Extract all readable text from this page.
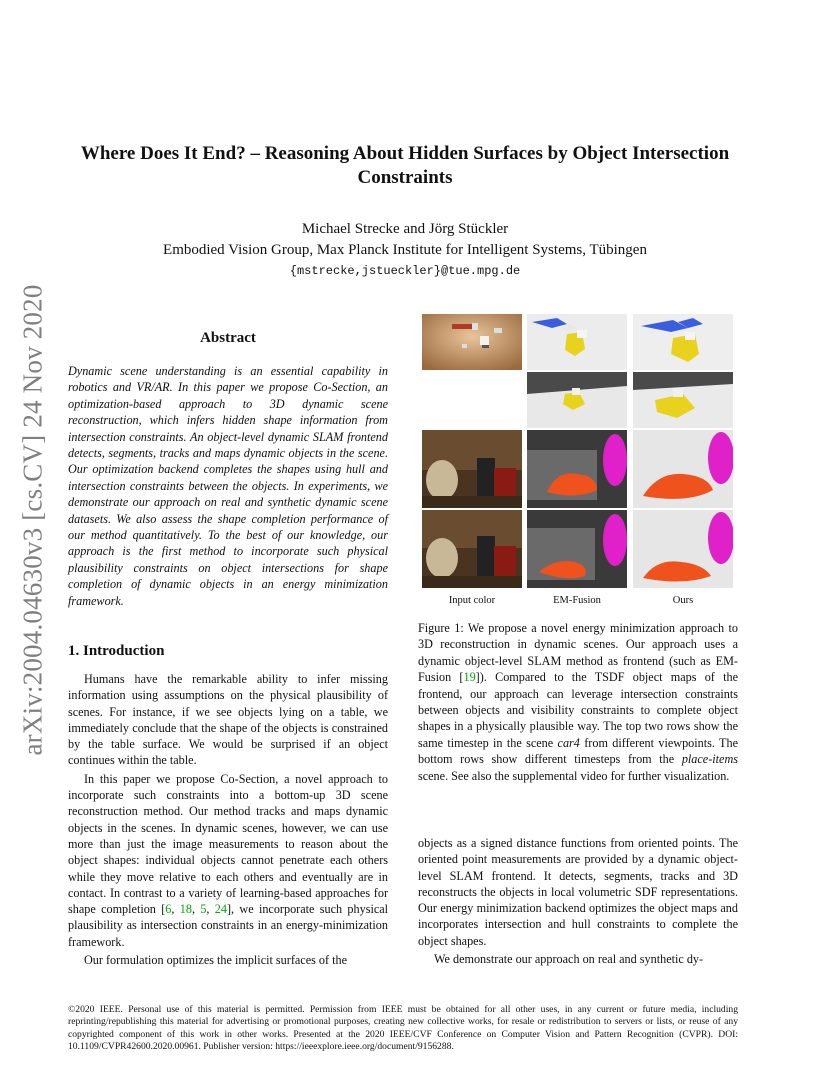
arXiv:2004.04630v3 [cs.CV] 24 Nov 2020
Where Does It End? – Reasoning About Hidden Surfaces by Object Intersection Constraints
Michael Strecke and Jörg Stückler
Embodied Vision Group, Max Planck Institute for Intelligent Systems, Tübingen
{mstrecke,jstueckler}@tue.mpg.de
Abstract
Dynamic scene understanding is an essential capability in robotics and VR/AR. In this paper we propose Co-Section, an optimization-based approach to 3D dynamic scene reconstruction, which infers hidden shape information from intersection constraints. An object-level dynamic SLAM frontend detects, segments, tracks and maps dynamic objects in the scene. Our optimization backend completes the shapes using hull and intersection constraints between the objects. In experiments, we demonstrate our approach on real and synthetic dynamic scene datasets. We also assess the shape completion performance of our method quantitatively. To the best of our knowledge, our approach is the first method to incorporate such physical plausibility constraints on object intersections for shape completion of dynamic objects in an energy minimization framework.
1. Introduction

Humans have the remarkable ability to infer missing information using assumptions on the physical plausibility of scenes. For instance, if we see objects lying on a table, we immediately conclude that the shape of the objects is constrained by the table surface. We would be surprised if an object continues within the table.

In this paper we propose Co-Section, a novel approach to incorporate such constraints into a bottom-up 3D scene reconstruction method. Our method tracks and maps dynamic objects in the scenes. In dynamic scenes, however, we can use more than just the image measurements to reason about the object shapes: individual objects cannot penetrate each others while they move relative to each others and eventually are in contact. In contrast to a variety of learning-based approaches for shape completion [6, 18, 5, 24], we incorporate such physical plausibility as intersection constraints in an energy-minimization framework.

Our formulation optimizes the implicit surfaces of the

Input color	EM-Fusion	Ours
Figure 1: We propose a novel energy minimization approach to 3D reconstruction in dynamic scenes. Our approach uses a dynamic object-level SLAM method as frontend (such as EM-Fusion [19]). Compared to the TSDF object maps of the frontend, our approach can leverage intersection constraints between objects and visibility constraints to complete object shapes in a physically plausible way. The top two rows show the same timestep in the scene car4 from different viewpoints. The bottom rows show different timesteps from the place-items scene. See also the supplemental video for further visualization.

objects as a signed distance functions from oriented points. The oriented point measurements are provided by a dynamic object-level SLAM frontend. It detects, segments, tracks and 3D reconstructs the objects in local volumetric SDF representations. Our energy minimization backend optimizes the object maps and incorporates intersection and hull constraints to complete the object shapes.

We demonstrate our approach on real and synthetic dy-

©2020 IEEE. Personal use of this material is permitted. Permission from IEEE must be obtained for all other uses, in any current or future media, including reprinting/republishing this material for advertising or promotional purposes, creating new collective works, for resale or redistribution to servers or lists, or reuse of any copyrighted component of this work in other works. Presented at the 2020 IEEE/CVF Conference on Computer Vision and Pattern Recognition (CVPR). DOI: 10.1109/CVPR42600.2020.00961. Publisher version: https://ieeexplore.ieee.org/document/9156288.
